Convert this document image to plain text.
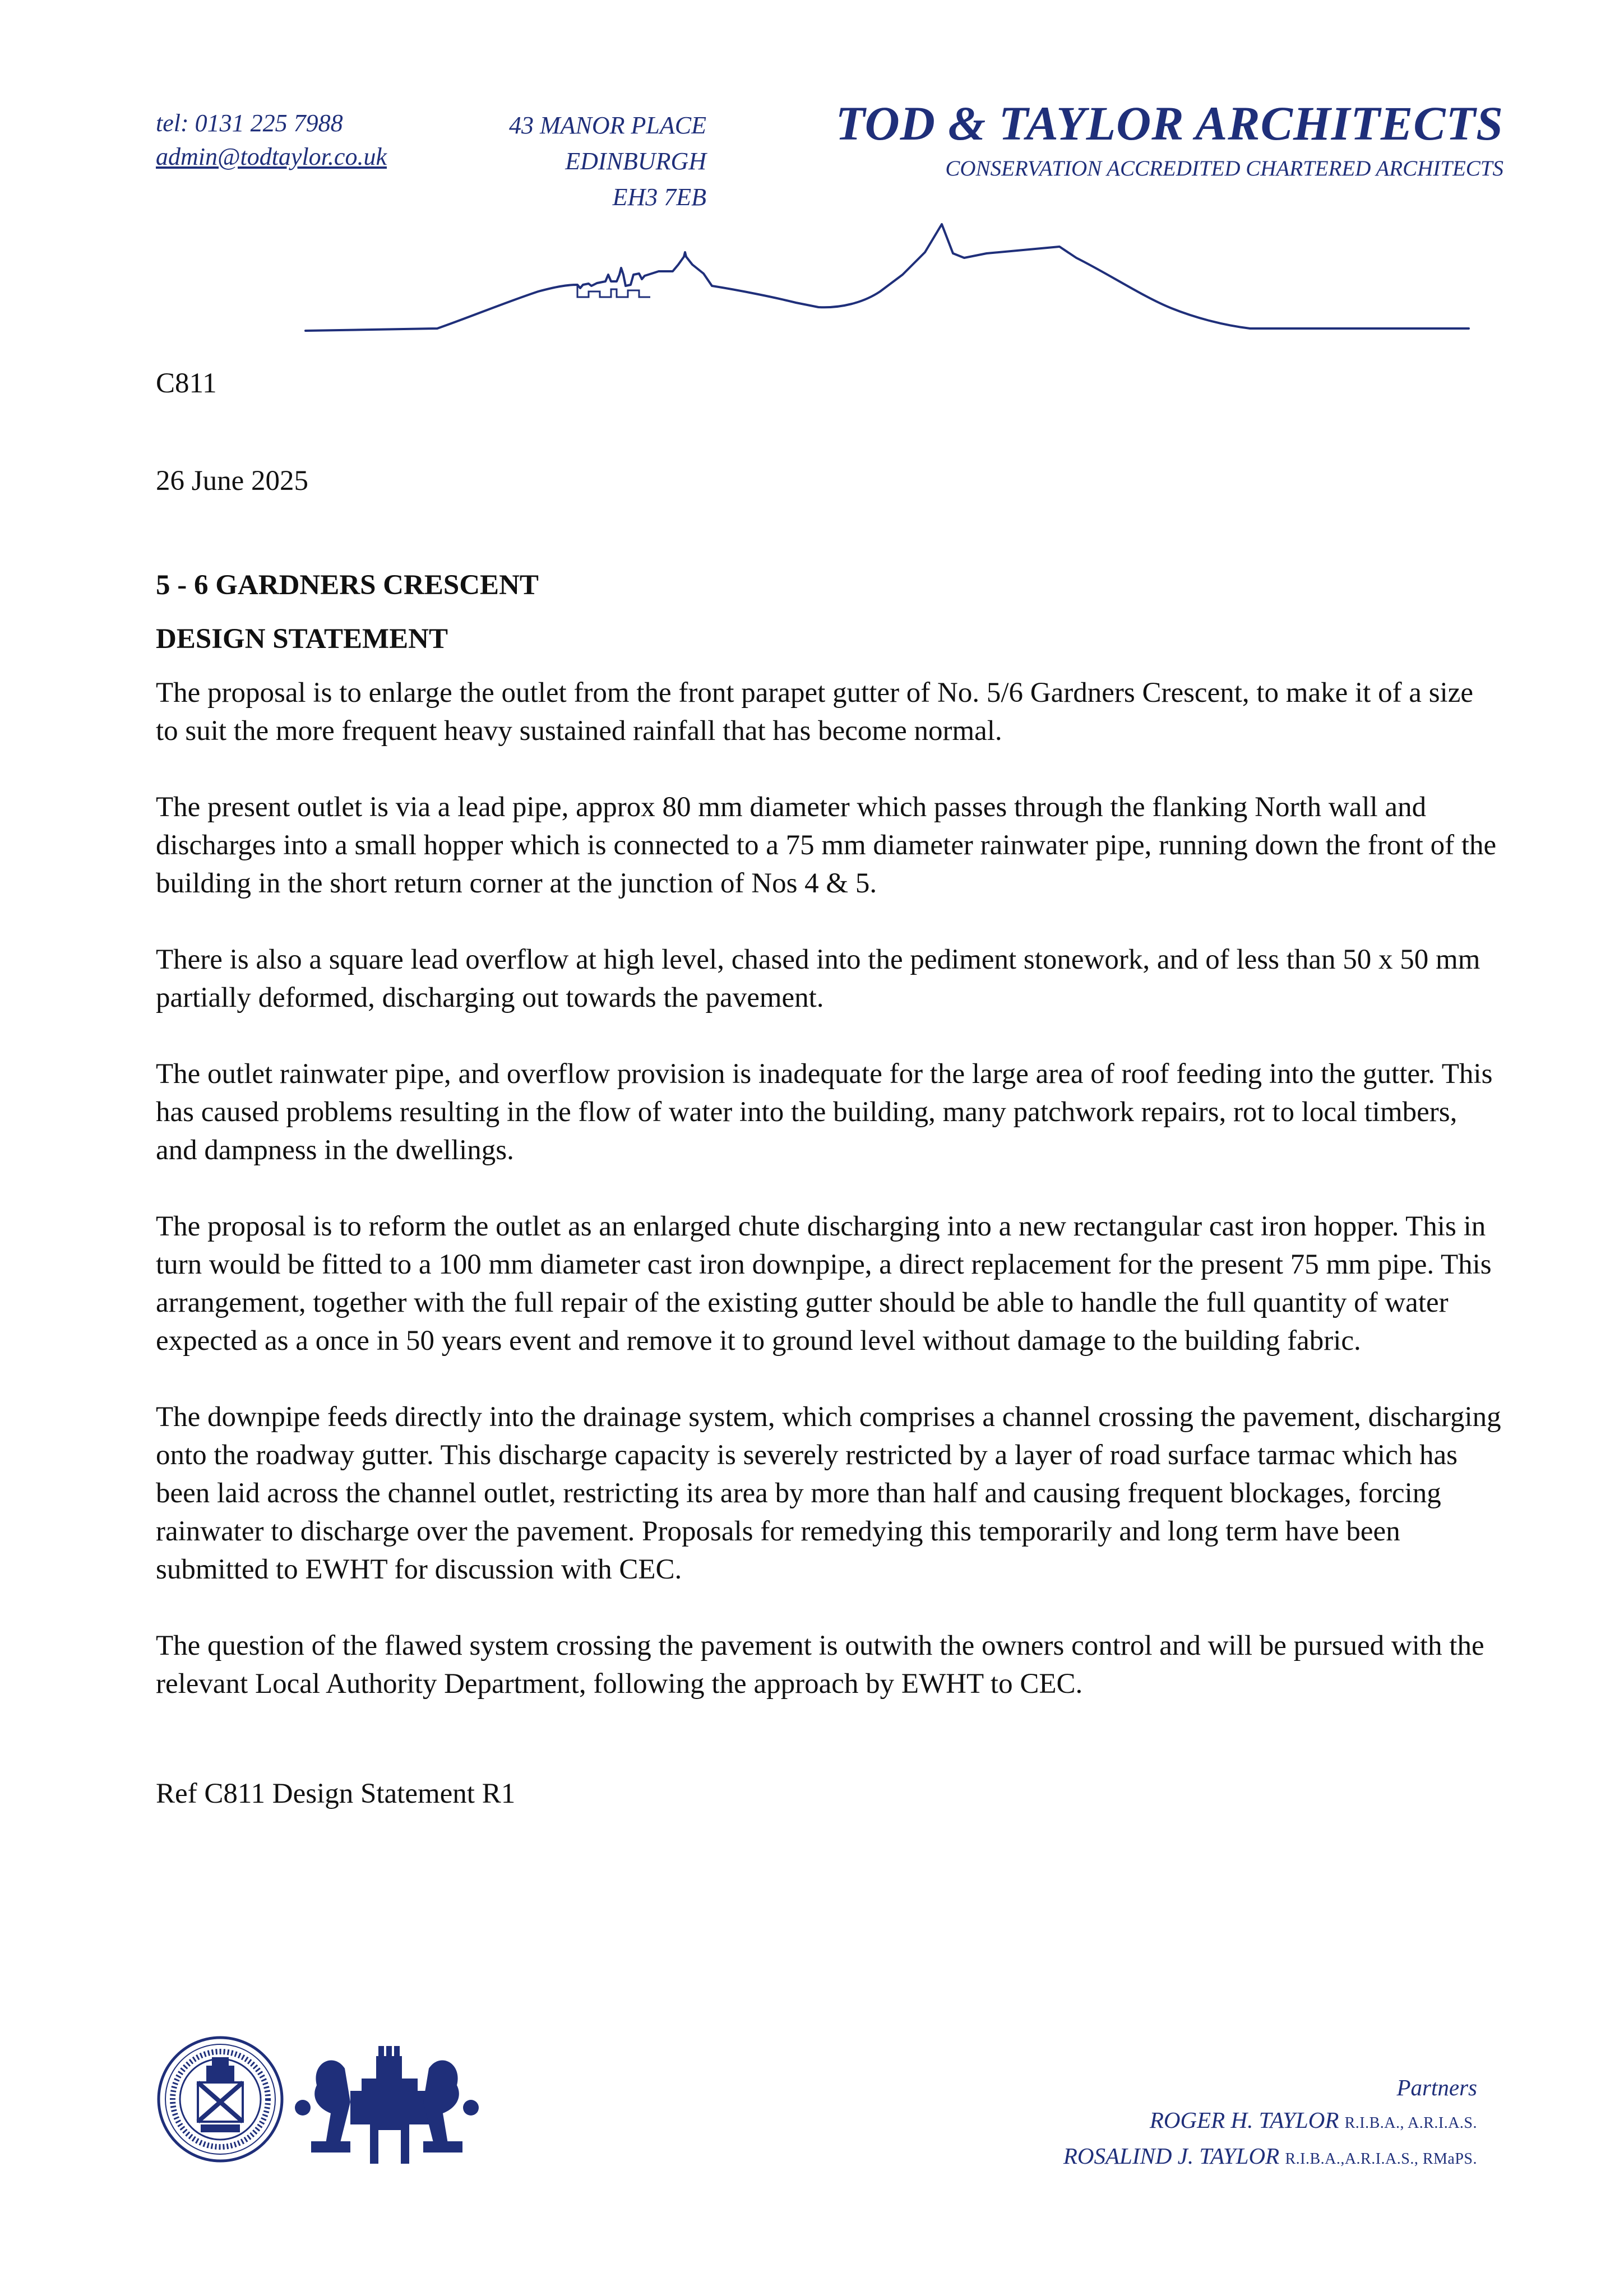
tel: 0131 225 7988
admin@todtaylor.co.uk
43 MANOR PLACE
EDINBURGH
EH3 7EB
TOD & TAYLOR ARCHITECTS
CONSERVATION ACCREDITED CHARTERED ARCHITECTS

C811

26 June 2025

5 - 6 GARDNERS CRESCENT

DESIGN STATEMENT

The proposal is to enlarge the outlet from the front parapet gutter of No. 5/6 Gardners Crescent, to make it of a size to suit the more frequent heavy sustained rainfall that has become normal.

The present outlet is via a lead pipe, approx 80 mm diameter which passes through the flanking North wall and discharges into a small hopper which is connected to a 75 mm diameter rainwater pipe, running down the front of the building in the short return corner at the junction of Nos 4 & 5.

There is also a square lead overflow at high level, chased into the pediment stonework, and of less than 50 x 50 mm partially deformed, discharging out towards the pavement.

The outlet rainwater pipe, and overflow provision is inadequate for the large area of roof feeding into the gutter. This has caused problems resulting in the flow of water into the building, many patchwork repairs, rot to local timbers, and dampness in the dwellings.

The proposal is to reform the outlet as an enlarged chute discharging into a new rectangular cast iron hopper. This in turn would be fitted to a 100 mm diameter cast iron downpipe, a direct replacement for the present 75 mm pipe. This arrangement, together with the full repair of the existing gutter should be able to handle the full quantity of water expected as a once in 50 years event and remove it to ground level without damage to the building fabric.

The downpipe feeds directly into the drainage system, which comprises a channel crossing the pavement, discharging onto the roadway gutter. This discharge capacity is severely restricted by a layer of road surface tarmac which has been laid across the channel outlet, restricting its area by more than half and causing frequent blockages, forcing rainwater to discharge over the pavement. Proposals for remedying this temporarily and long term have been submitted to EWHT for discussion with CEC.

The question of the flawed system crossing the pavement is outwith the owners control and will be pursued with the relevant Local Authority Department, following the approach by EWHT to CEC.

Ref C811 Design Statement R1

Partners
ROGER H. TAYLOR R.I.B.A., A.R.I.A.S.
ROSALIND J. TAYLOR R.I.B.A.,A.R.I.A.S., RMaPS.
